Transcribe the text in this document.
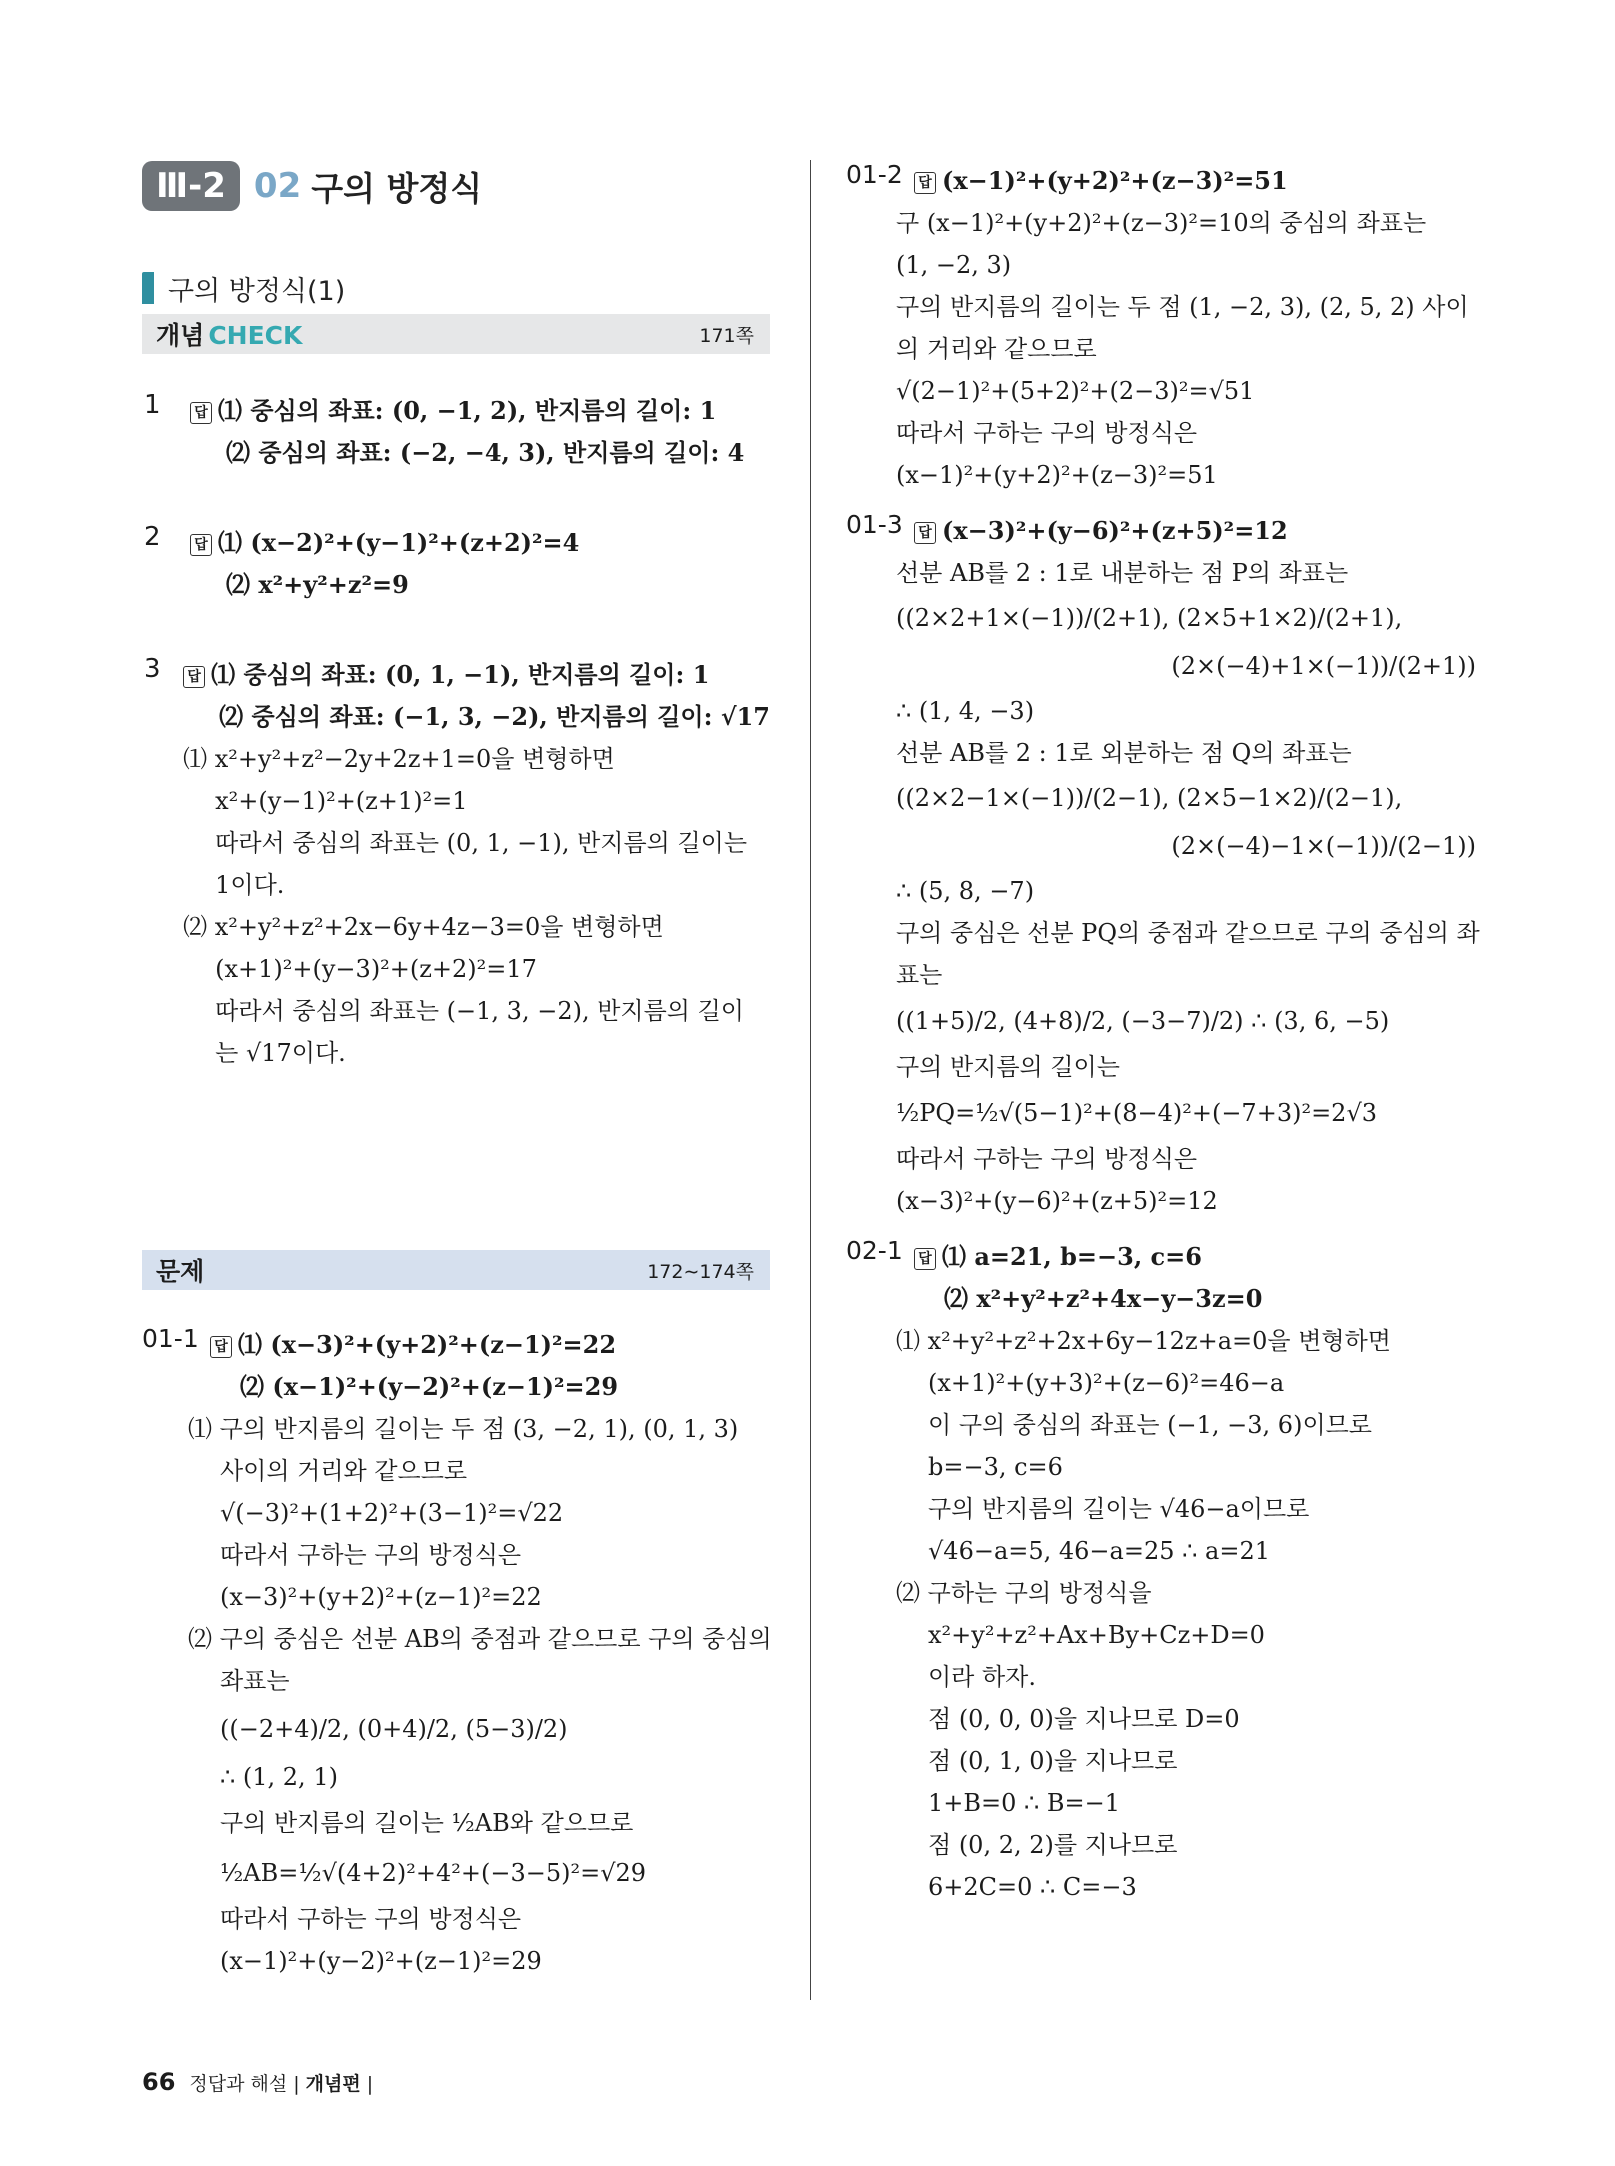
Ⅲ-2 02 구의 방정식
구의 방정식(1)
개념 CHECK	171쪽
1	답 ⑴ 중심의 좌표: (0, −1, 2), 반지름의 길이: 1
⑵ 중심의 좌표: (−2, −4, 3), 반지름의 길이: 4
2	답 ⑴ (x−2)²+(y−1)²+(z+2)²=4
⑵ x²+y²+z²=9
3	답 ⑴ 중심의 좌표: (0, 1, −1), 반지름의 길이: 1
⑵ 중심의 좌표: (−1, 3, −2), 반지름의 길이: √17
⑴ x²+y²+z²−2y+2z+1=0을 변형하면
x²+(y−1)²+(z+1)²=1
따라서 중심의 좌표는 (0, 1, −1), 반지름의 길이는
1이다.
⑵ x²+y²+z²+2x−6y+4z−3=0을 변형하면
(x+1)²+(y−3)²+(z+2)²=17
따라서 중심의 좌표는 (−1, 3, −2), 반지름의 길이
는 √17이다.
문제	172∼174쪽
01-1	답 ⑴ (x−3)²+(y+2)²+(z−1)²=22
⑵ (x−1)²+(y−2)²+(z−1)²=29
⑴ 구의 반지름의 길이는 두 점 (3, −2, 1), (0, 1, 3)
사이의 거리와 같으므로
√(−3)²+(1+2)²+(3−1)²=√22
따라서 구하는 구의 방정식은
(x−3)²+(y+2)²+(z−1)²=22
⑵ 구의 중심은 선분 AB의 중점과 같으므로 구의 중심의
좌표는
((−2+4)/2, (0+4)/2, (5−3)/2)
∴ (1, 2, 1)
구의 반지름의 길이는 ½AB와 같으므로
½AB=½√(4+2)²+4²+(−3−5)²=√29
따라서 구하는 구의 방정식은
(x−1)²+(y−2)²+(z−1)²=29
01-2	답 (x−1)²+(y+2)²+(z−3)²=51
구 (x−1)²+(y+2)²+(z−3)²=10의 중심의 좌표는
(1, −2, 3)
구의 반지름의 길이는 두 점 (1, −2, 3), (2, 5, 2) 사이
의 거리와 같으므로
√(2−1)²+(5+2)²+(2−3)²=√51
따라서 구하는 구의 방정식은
(x−1)²+(y+2)²+(z−3)²=51
01-3	답 (x−3)²+(y−6)²+(z+5)²=12
선분 AB를 2 : 1로 내분하는 점 P의 좌표는
((2×2+1×(−1))/(2+1), (2×5+1×2)/(2+1),
(2×(−4)+1×(−1))/(2+1))
∴ (1, 4, −3)
선분 AB를 2 : 1로 외분하는 점 Q의 좌표는
((2×2−1×(−1))/(2−1), (2×5−1×2)/(2−1),
(2×(−4)−1×(−1))/(2−1))
∴ (5, 8, −7)
구의 중심은 선분 PQ의 중점과 같으므로 구의 중심의 좌
표는
((1+5)/2, (4+8)/2, (−3−7)/2) ∴ (3, 6, −5)
구의 반지름의 길이는
½PQ=½√(5−1)²+(8−4)²+(−7+3)²=2√3
따라서 구하는 구의 방정식은
(x−3)²+(y−6)²+(z+5)²=12
02-1	답 ⑴ a=21, b=−3, c=6
⑵ x²+y²+z²+4x−y−3z=0
⑴ x²+y²+z²+2x+6y−12z+a=0을 변형하면
(x+1)²+(y+3)²+(z−6)²=46−a
이 구의 중심의 좌표는 (−1, −3, 6)이므로
b=−3, c=6
구의 반지름의 길이는 √46−a이므로
√46−a=5, 46−a=25 ∴ a=21
⑵ 구하는 구의 방정식을
x²+y²+z²+Ax+By+Cz+D=0
이라 하자.
점 (0, 0, 0)을 지나므로 D=0
점 (0, 1, 0)을 지나므로
1+B=0 ∴ B=−1
점 (0, 2, 2)를 지나므로
6+2C=0 ∴ C=−3
66 정답과 해설 | 개념편 |
